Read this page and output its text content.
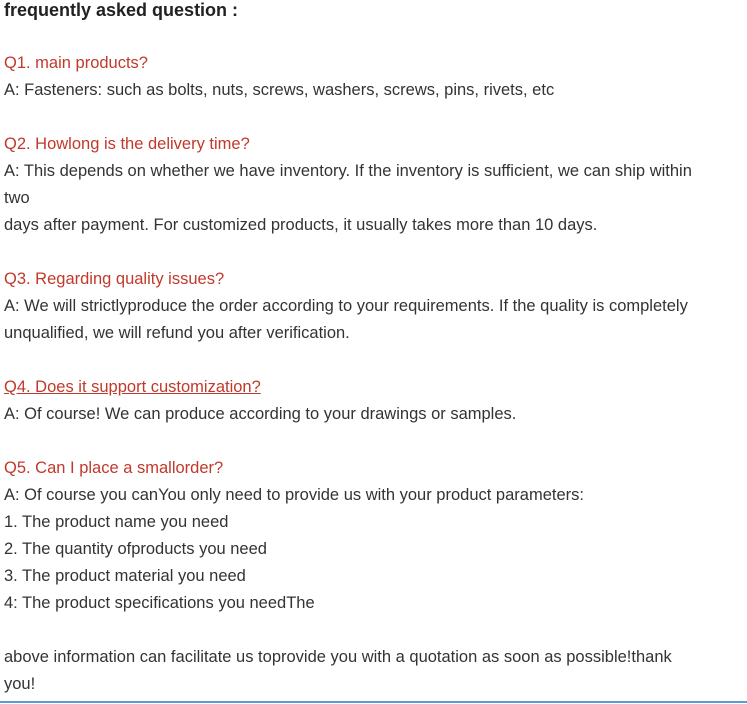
frequently asked question :
Q1. main products?
A: Fasteners: such as bolts, nuts, screws, washers, screws, pins, rivets, etc
Q2. Howlong is the delivery time?
A: This depends on whether we have inventory. If the inventory is sufficient, we can ship within
two
days after payment. For customized products, it usually takes more than 10 days.
Q3. Regarding quality issues?
A: We will strictlyproduce the order according to your requirements. If the quality is completely
unqualified, we will refund you after verification.
Q4. Does it support customization?
A: Of course! We can produce according to your drawings or samples.
Q5. Can I place a smallorder?
A: Of course you canYou only need to provide us with your product parameters:
1. The product name you need
2. The quantity ofproducts you need
3. The product material you need
4: The product specifications you needThe
above information can facilitate us toprovide you with a quotation as soon as possible!thank
you!
